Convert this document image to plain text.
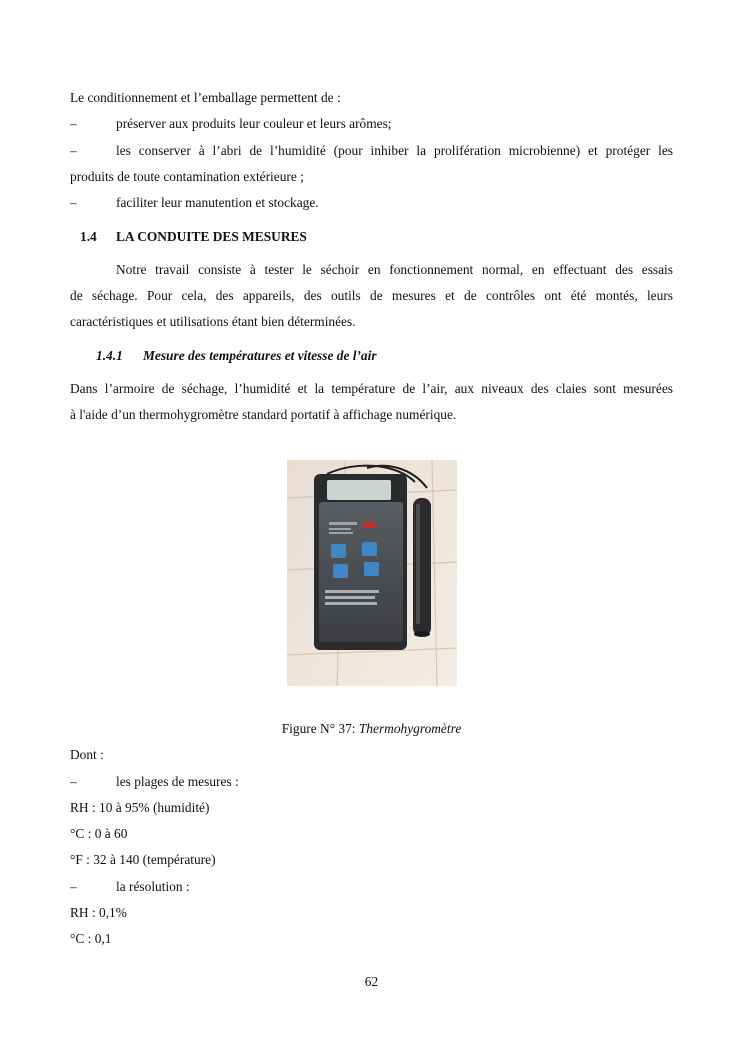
Le conditionnement et l’emballage permettent de :
–	préserver aux produits leur couleur et leurs arômes;
–	les conserver à l’abri de l’humidité (pour inhiber la prolifération microbienne) et protéger les
produits de toute contamination extérieure ;
–	faciliter leur manutention et stockage.
1.4 LA CONDUITE DES MESURES
Notre travail consiste à tester le séchoir en fonctionnement normal, en effectuant des essais
de séchage. Pour cela, des appareils, des outils de mesures et de contrôles ont été montés, leurs
caractéristiques et utilisations étant bien déterminées.
1.4.1 Mesure des températures et vitesse de l’air
Dans l’armoire de séchage, l’humidité et la température de l’air, aux niveaux des claies sont mesurées
à l'aide d’un thermohygromètre standard portatif à affichage numérique.
Figure N° 37: Thermohygromètre
Dont :
–	les plages de mesures :
RH : 10 à 95% (humidité)
°C : 0 à 60
°F : 32 à 140 (température)
–	la résolution :
RH : 0,1%
°C : 0,1
62
